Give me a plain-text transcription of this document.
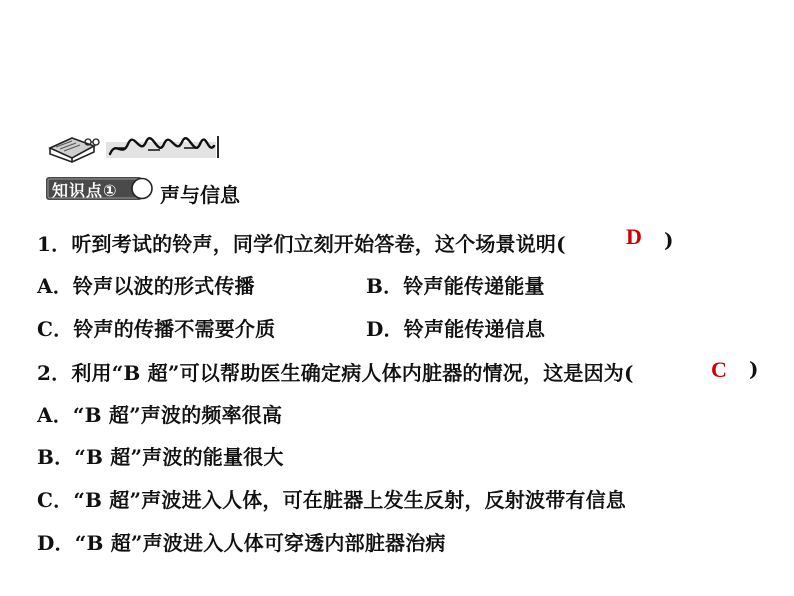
知识点① 声与信息
1．听到考试的铃声，同学们立刻开始答卷，这个场景说明(	D )
A．铃声以波的形式传播	B．铃声能传递能量
C．铃声的传播不需要介质	D．铃声能传递信息
2．利用“B 超”可以帮助医生确定病人体内脏器的情况，这是因为(	C )
A．“B 超”声波的频率很高
B．“B 超”声波的能量很大
C．“B 超”声波进入人体，可在脏器上发生反射，反射波带有信息
D．“B 超”声波进入人体可穿透内部脏器治病
